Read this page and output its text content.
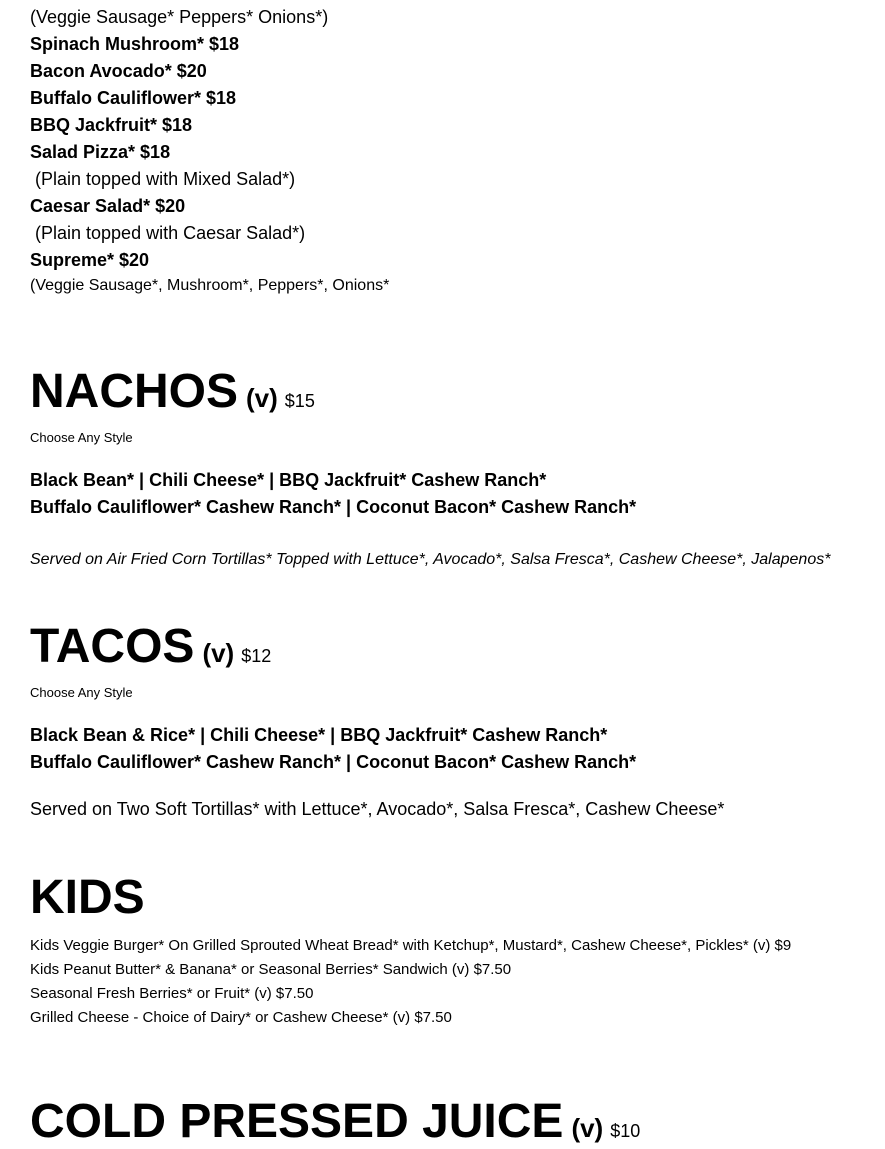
(Veggie Sausage* Peppers* Onions*)
Spinach Mushroom* $18
Bacon Avocado* $20
Buffalo Cauliflower* $18
BBQ Jackfruit* $18
Salad Pizza* $18
(Plain topped with Mixed Salad*)
Caesar Salad* $20
(Plain topped with Caesar Salad*)
Supreme* $20
(Veggie Sausage*, Mushroom*, Peppers*, Onions*
NACHOS (v) $15
Choose Any Style
Black Bean* | Chili Cheese* | BBQ Jackfruit* Cashew Ranch*
Buffalo Cauliflower* Cashew Ranch* | Coconut Bacon* Cashew Ranch*
Served on Air Fried Corn Tortillas* Topped with Lettuce*, Avocado*, Salsa Fresca*, Cashew Cheese*, Jalapenos*
TACOS (v) $12
Choose Any Style
Black Bean & Rice* | Chili Cheese* | BBQ Jackfruit* Cashew Ranch*
Buffalo Cauliflower* Cashew Ranch* | Coconut Bacon* Cashew Ranch*
Served on Two Soft Tortillas* with Lettuce*, Avocado*, Salsa Fresca*, Cashew Cheese*
KIDS
Kids Veggie Burger* On Grilled Sprouted Wheat Bread* with Ketchup*, Mustard*, Cashew Cheese*, Pickles* (v) $9
Kids Peanut Butter* & Banana* or Seasonal Berries* Sandwich (v) $7.50
Seasonal Fresh Berries* or Fruit* (v) $7.50
Grilled Cheese - Choice of Dairy* or Cashew Cheese* (v) $7.50
COLD PRESSED JUICE (v) $10
